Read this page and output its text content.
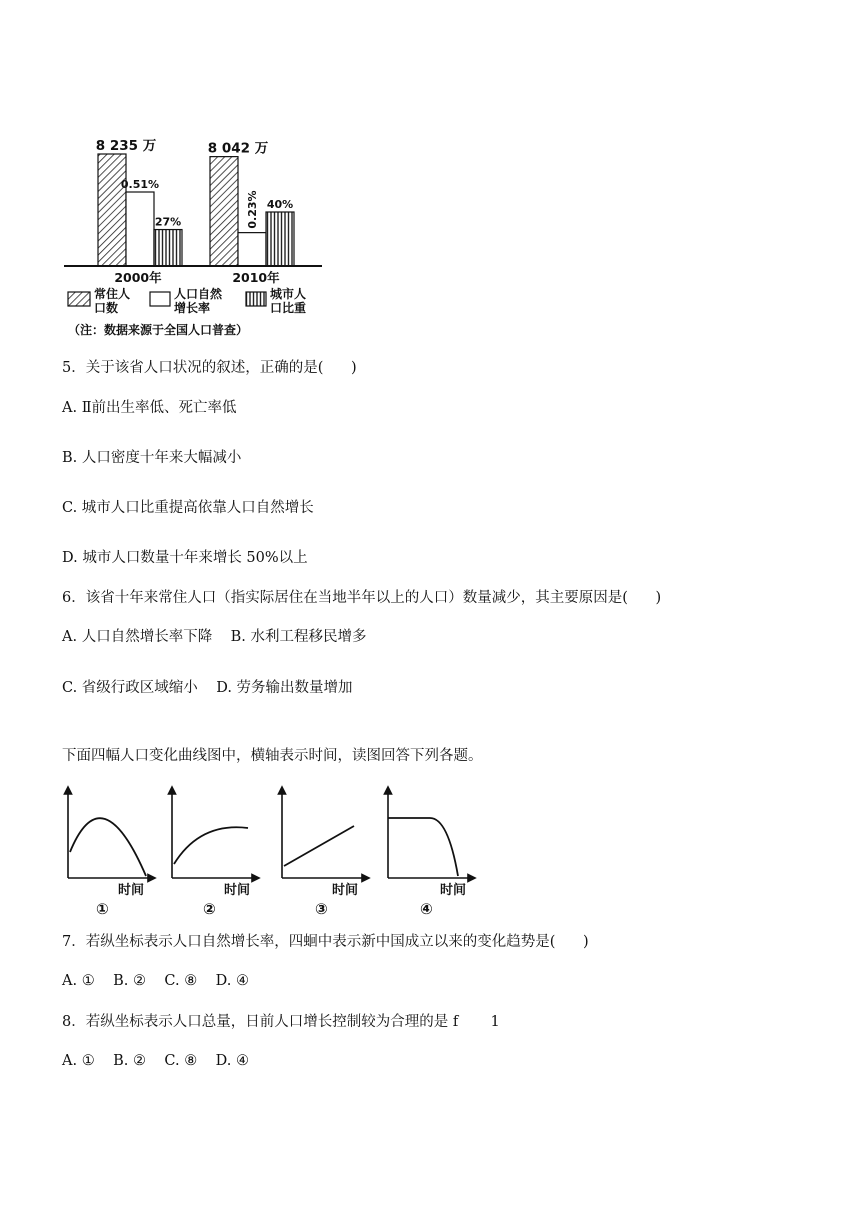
8 235 万
0.51%
27%
8 042 万
0.23% 40%
2000年	2010年
常住人
口数
人口自然
增长率
城市人
口比重
（注：数据来源于全国人口普查）
5．关于该省人口状况的叙述，正确的是(      )
A. Ⅱ前出生率低、死亡率低
B. 人口密度十年来大幅减小
C. 城市人口比重提高依靠人口自然增长
D. 城市人口数量十年来增长 50%以上
6．该省十年来常住人口（指实际居住在当地半年以上的人口）数量减少，其主要原因是(      )
A. 人口自然增长率下降    B. 水利工程移民增多
C. 省级行政区域缩小    D. 劳务输出数量增加
下面四幅人口变化曲线图中，横轴表示时间，读图回答下列各题。
时间
①
时间
②
时间
③
时间
④
7．若纵坐标表示人口自然增长率，四蛔中表示新中国成立以来的变化趋势是(      )
A. ①    B. ②    C. ⑧    D. ④
8．若纵坐标表示人口总量，日前人口增长控制较为合理的是 f       1
A. ①    B. ②    C. ⑧    D. ④
